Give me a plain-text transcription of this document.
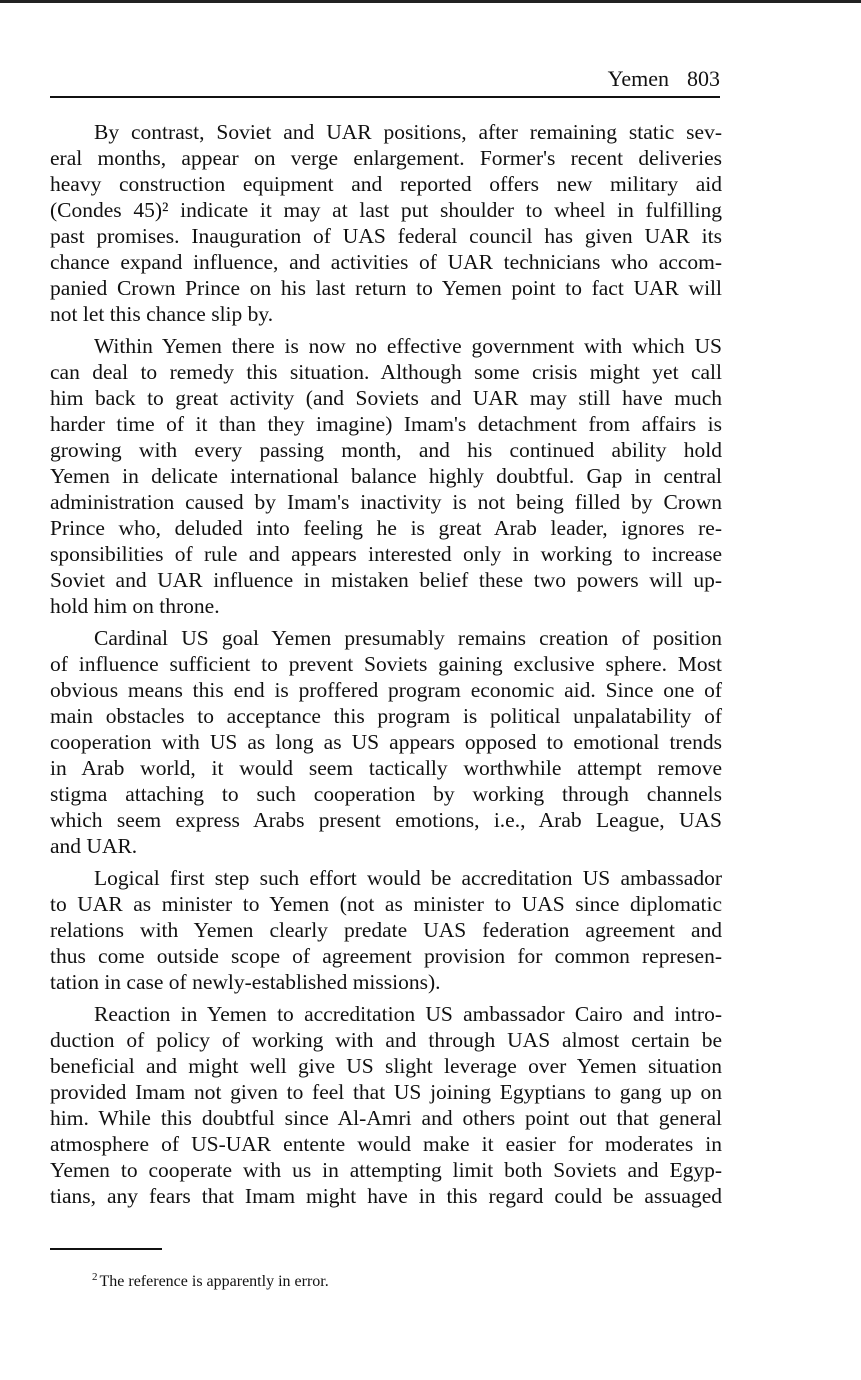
Yemen 803
By contrast, Soviet and UAR positions, after remaining static sev-
eral months, appear on verge enlargement. Former's recent deliveries
heavy construction equipment and reported offers new military aid
(Condes 45)² indicate it may at last put shoulder to wheel in fulfilling
past promises. Inauguration of UAS federal council has given UAR its
chance expand influence, and activities of UAR technicians who accom-
panied Crown Prince on his last return to Yemen point to fact UAR will
not let this chance slip by.
Within Yemen there is now no effective government with which US
can deal to remedy this situation. Although some crisis might yet call
him back to great activity (and Soviets and UAR may still have much
harder time of it than they imagine) Imam's detachment from affairs is
growing with every passing month, and his continued ability hold
Yemen in delicate international balance highly doubtful. Gap in central
administration caused by Imam's inactivity is not being filled by Crown
Prince who, deluded into feeling he is great Arab leader, ignores re-
sponsibilities of rule and appears interested only in working to increase
Soviet and UAR influence in mistaken belief these two powers will up-
hold him on throne.
Cardinal US goal Yemen presumably remains creation of position
of influence sufficient to prevent Soviets gaining exclusive sphere. Most
obvious means this end is proffered program economic aid. Since one of
main obstacles to acceptance this program is political unpalatability of
cooperation with US as long as US appears opposed to emotional trends
in Arab world, it would seem tactically worthwhile attempt remove
stigma attaching to such cooperation by working through channels
which seem express Arabs present emotions, i.e., Arab League, UAS
and UAR.
Logical first step such effort would be accreditation US ambassador
to UAR as minister to Yemen (not as minister to UAS since diplomatic
relations with Yemen clearly predate UAS federation agreement and
thus come outside scope of agreement provision for common represen-
tation in case of newly-established missions).
Reaction in Yemen to accreditation US ambassador Cairo and intro-
duction of policy of working with and through UAS almost certain be
beneficial and might well give US slight leverage over Yemen situation
provided Imam not given to feel that US joining Egyptians to gang up on
him. While this doubtful since Al-Amri and others point out that general
atmosphere of US-UAR entente would make it easier for moderates in
Yemen to cooperate with us in attempting limit both Soviets and Egyp-
tians, any fears that Imam might have in this regard could be assuaged
$^2$ The reference is apparently in error.
